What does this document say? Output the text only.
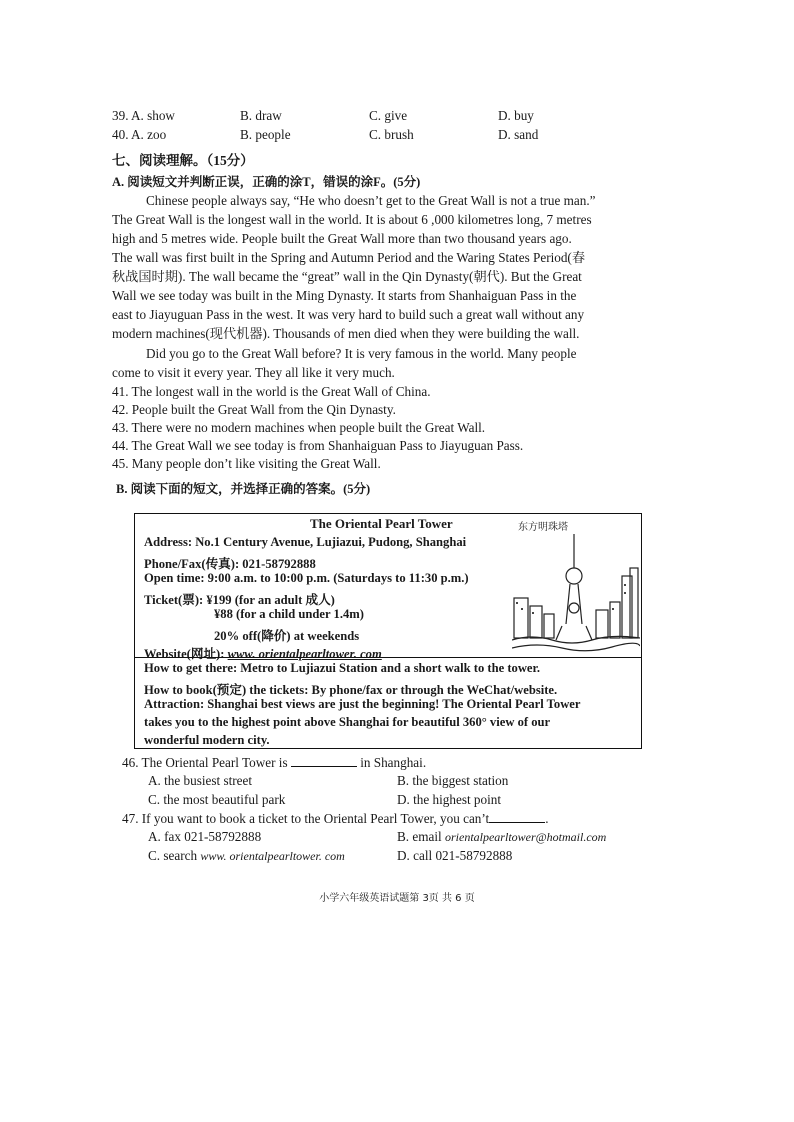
39. A. show	B. draw	C. give	D. buy
40. A. zoo	B. people	C. brush	D. sand
七、阅读理解。（15分）
A. 阅读短文并判断正误，正确的涂T，错误的涂F。(5分)
Chinese people always say, “He who doesn’t get to the Great Wall is not a true man.”
The Great Wall is the longest wall in the world. It is about 6 ,000 kilometres long, 7 metres
high and 5 metres wide. People built the Great Wall more than two thousand years ago.
The wall was first built in the Spring and Autumn Period and the Waring States Period(春
秋战国时期). The wall became the “great” wall in the Qin Dynasty(朝代). But the Great
Wall we see today was built in the Ming Dynasty. It starts from Shanhaiguan Pass in the
east to Jiayuguan Pass in the west. It was very hard to build such a great wall without any
modern machines(现代机器). Thousands of men died when they were building the wall.
Did you go to the Great Wall before? It is very famous in the world. Many people
come to visit it every year. They all like it very much.
41. The longest wall in the world is the Great Wall of China.
42. People built the Great Wall from the Qin Dynasty.
43. There were no modern machines when people built the Great Wall.
44. The Great Wall we see today is from Shanhaiguan Pass to Jiayuguan Pass.
45. Many people don’t like visiting the Great Wall.
B. 阅读下面的短文，并选择正确的答案。(5分)
The Oriental Pearl Tower	东方明珠塔
Address: No.1 Century Avenue, Lujiazui, Pudong, Shanghai
Phone/Fax(传真): 021-58792888
Open time: 9:00 a.m. to 10:00 p.m. (Saturdays to 11:30 p.m.)
Ticket(票): ¥199 (for an adult 成人)
¥88 (for a child under 1.4m)
20% off(降价) at weekends
Website(网址): www. orientalpearltower. com
How to get there: Metro to Lujiazui Station and a short walk to the tower.
How to book(预定) the tickets: By phone/fax or through the WeChat/website.
Attraction: Shanghai best views are just the beginning! The Oriental Pearl Tower
takes you to the highest point above Shanghai for beautiful 360° view of our
wonderful modern city.
46. The Oriental Pearl Tower is	in Shanghai.
A. the busiest street	B. the biggest station
C. the most beautiful park	D. the highest point
47. If you want to book a ticket to the Oriental Pearl Tower, you can’t	.
A. fax 021-58792888	B. email orientalpearltower@hotmail.com
C. search www. orientalpearltower. com	D. call 021-58792888
小学六年级英语试题第 3页 共 6 页
